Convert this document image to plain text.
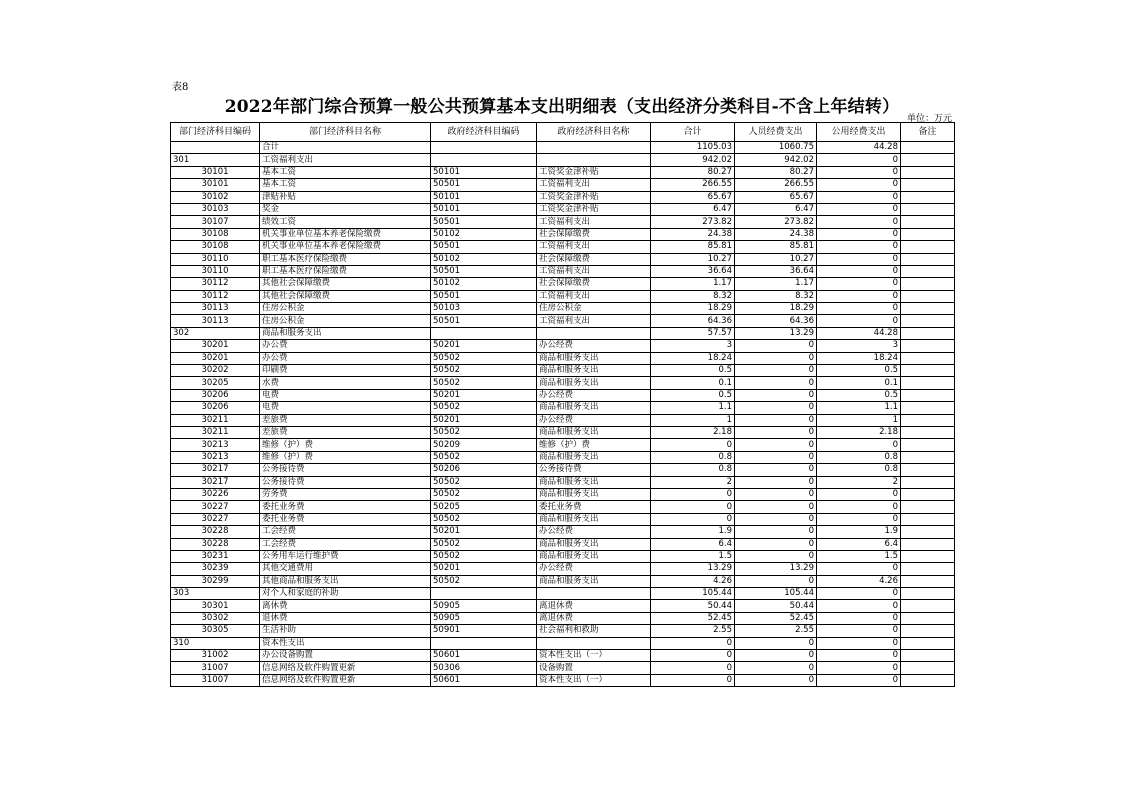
表8
2022年部门综合预算一般公共预算基本支出明细表（支出经济分类科目-不含上年结转）
单位：万元
部门经济科目编码	部门经济科目名称	政府经济科目编码	政府经济科目名称	合计	人员经费支出	公用经费支出	备注
	合计			1105.03	1060.75	44.28	
301	工资福利支出			942.02	942.02	0	
30101	基本工资	50101	工资奖金津补贴	80.27	80.27	0	
30101	基本工资	50501	工资福利支出	266.55	266.55	0	
30102	津贴补贴	50101	工资奖金津补贴	65.67	65.67	0	
30103	奖金	50101	工资奖金津补贴	6.47	6.47	0	
30107	绩效工资	50501	工资福利支出	273.82	273.82	0	
30108	机关事业单位基本养老保险缴费	50102	社会保障缴费	24.38	24.38	0	
30108	机关事业单位基本养老保险缴费	50501	工资福利支出	85.81	85.81	0	
30110	职工基本医疗保险缴费	50102	社会保障缴费	10.27	10.27	0	
30110	职工基本医疗保险缴费	50501	工资福利支出	36.64	36.64	0	
30112	其他社会保障缴费	50102	社会保障缴费	1.17	1.17	0	
30112	其他社会保障缴费	50501	工资福利支出	8.32	8.32	0	
30113	住房公积金	50103	住房公积金	18.29	18.29	0	
30113	住房公积金	50501	工资福利支出	64.36	64.36	0	
302	商品和服务支出			57.57	13.29	44.28	
30201	办公费	50201	办公经费	3	0	3	
30201	办公费	50502	商品和服务支出	18.24	0	18.24	
30202	印刷费	50502	商品和服务支出	0.5	0	0.5	
30205	水费	50502	商品和服务支出	0.1	0	0.1	
30206	电费	50201	办公经费	0.5	0	0.5	
30206	电费	50502	商品和服务支出	1.1	0	1.1	
30211	差旅费	50201	办公经费	1	0	1	
30211	差旅费	50502	商品和服务支出	2.18	0	2.18	
30213	维修（护）费	50209	维修（护）费	0	0	0	
30213	维修（护）费	50502	商品和服务支出	0.8	0	0.8	
30217	公务接待费	50206	公务接待费	0.8	0	0.8	
30217	公务接待费	50502	商品和服务支出	2	0	2	
30226	劳务费	50502	商品和服务支出	0	0	0	
30227	委托业务费	50205	委托业务费	0	0	0	
30227	委托业务费	50502	商品和服务支出	0	0	0	
30228	工会经费	50201	办公经费	1.9	0	1.9	
30228	工会经费	50502	商品和服务支出	6.4	0	6.4	
30231	公务用车运行维护费	50502	商品和服务支出	1.5	0	1.5	
30239	其他交通费用	50201	办公经费	13.29	13.29	0	
30299	其他商品和服务支出	50502	商品和服务支出	4.26	0	4.26	
303	对个人和家庭的补助			105.44	105.44	0	
30301	离休费	50905	离退休费	50.44	50.44	0	
30302	退休费	50905	离退休费	52.45	52.45	0	
30305	生活补助	50901	社会福利和救助	2.55	2.55	0	
310	资本性支出			0	0	0	
31002	办公设备购置	50601	资本性支出（一）	0	0	0	
31007	信息网络及软件购置更新	50306	设备购置	0	0	0	
31007	信息网络及软件购置更新	50601	资本性支出（一）	0	0	0	
